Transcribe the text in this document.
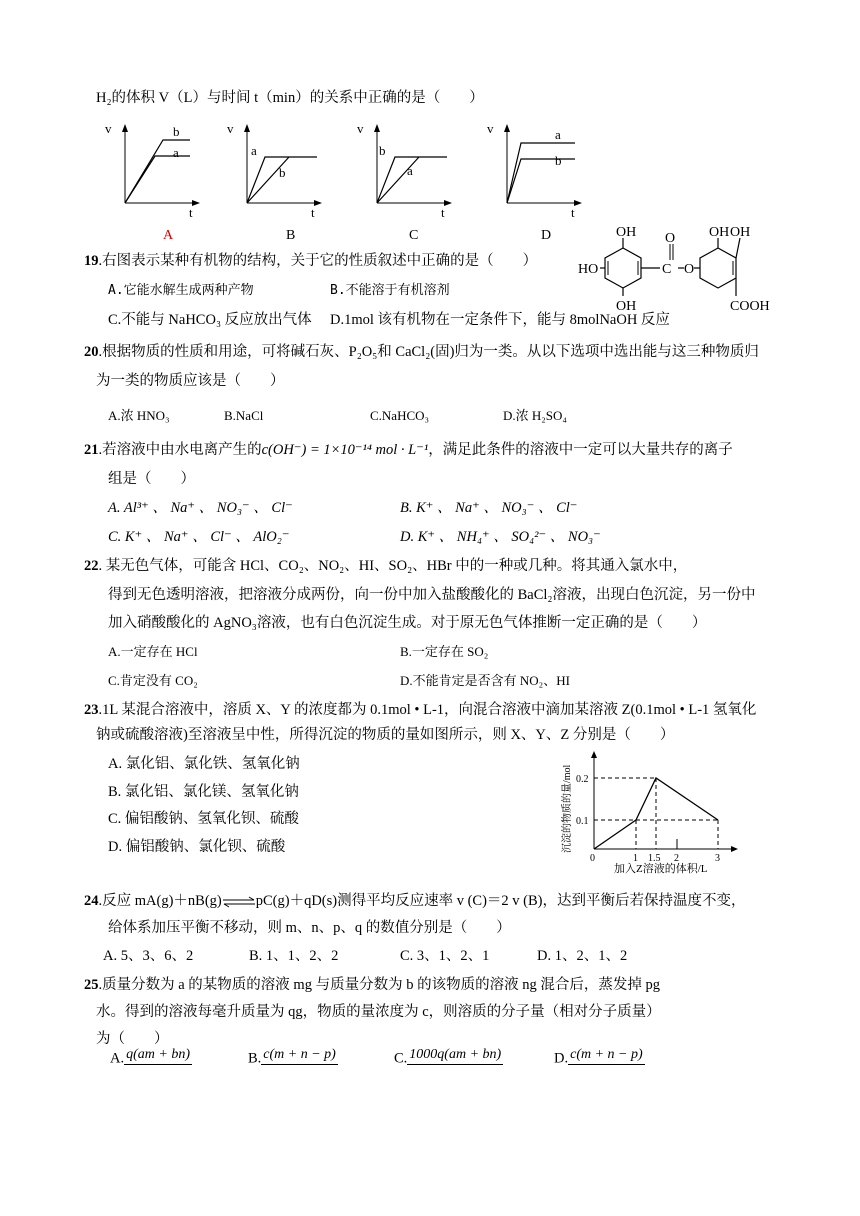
H₂的体积 V（L）与时间 t（min）的关系中正确的是（　　）
b
a
v
t
A
a
b
v
t
B
b
a
v
t
C
a
b
v
t
D
19.右图表示某种有机物的结构，关于它的性质叙述中正确的是（　　）
A.它能水解生成两种产物	B.不能溶于有机溶剂
C.不能与 NaHCO₃ 反应放出气体 D.1mol 该有机物在一定条件下，能与 8molNaOH 反应
OH
HO
OH
C
O
O
OH OH
COOH
20.根据物质的性质和用途，可将碱石灰、P₂O₅和 CaCl₂(固)归为一类。从以下选项中选出能与这三种物质归
为一类的物质应该是（　　）
A.浓 HNO₃	B.NaCl	C.NaHCO₃	D.浓 H₂SO₄
21.若溶液中由水电离产生的c(OH⁻) = 1×10⁻¹⁴ mol · L⁻¹，满足此条件的溶液中一定可以大量共存的离子
组是（　　）
A. Al³⁺ 、 Na⁺ 、 NO₃⁻ 、 Cl⁻	B. K⁺ 、 Na⁺ 、 NO₃⁻ 、 Cl⁻
C. K⁺ 、 Na⁺ 、 Cl⁻ 、 AlO₂⁻	D. K⁺ 、 NH₄⁺ 、 SO₄²⁻ 、 NO₃⁻
22. 某无色气体，可能含 HCl、CO₂、NO₂、HI、SO₂、HBr 中的一种或几种。将其通入氯水中，
得到无色透明溶液，把溶液分成两份，向一份中加入盐酸酸化的 BaCl₂溶液，出现白色沉淀，另一份中
加入硝酸酸化的 AgNO₃溶液，也有白色沉淀生成。对于原无色气体推断一定正确的是（　　）
A.一定存在 HCl	B.一定存在 SO₂
C.肯定没有 CO₂	D.不能肯定是否含有 NO₂、HI
23.1L 某混合溶液中，溶质 X、Y 的浓度都为 0.1mol • L-1，向混合溶液中滴加某溶液 Z(0.1mol • L-1 氢氧化
钠或硫酸溶液)至溶液呈中性，所得沉淀的物质的量如图所示，则 X、Y、Z 分别是（　　）
A. 氯化铝、氯化铁、氢氧化钠
B. 氯化铝、氯化镁、氢氧化钠
C. 偏铝酸钠、氢氧化钡、硫酸
D. 偏铝酸钠、氯化钡、硫酸
0.2
0.1
0	1 1.5 2	3
加入Z溶液的体积/L
沉淀的物质的量/mol
24.反应 mA(g)＋nB(g)⇌pC(g)＋qD(s)测得平均反应速率 v (C)＝2 v (B)，达到平衡后若保持温度不变，
给体系加压平衡不移动，则 m、n、p、q 的数值分别是（　　）
A. 5、3、6、2	B. 1、1、2、2	C. 3、1、2、1	D. 1、2、1、2
25.质量分数为 a 的某物质的溶液 mg 与质量分数为 b 的该物质的溶液 ng 混合后，蒸发掉 pg
水。得到的溶液每毫升质量为 qg，物质的量浓度为 c，则溶质的分子量（相对分子质量）
为（　　）
A. q(am + bn)	B. c(m + n − p)	C. 1000q(am + bn)	D. c(m + n − p)
